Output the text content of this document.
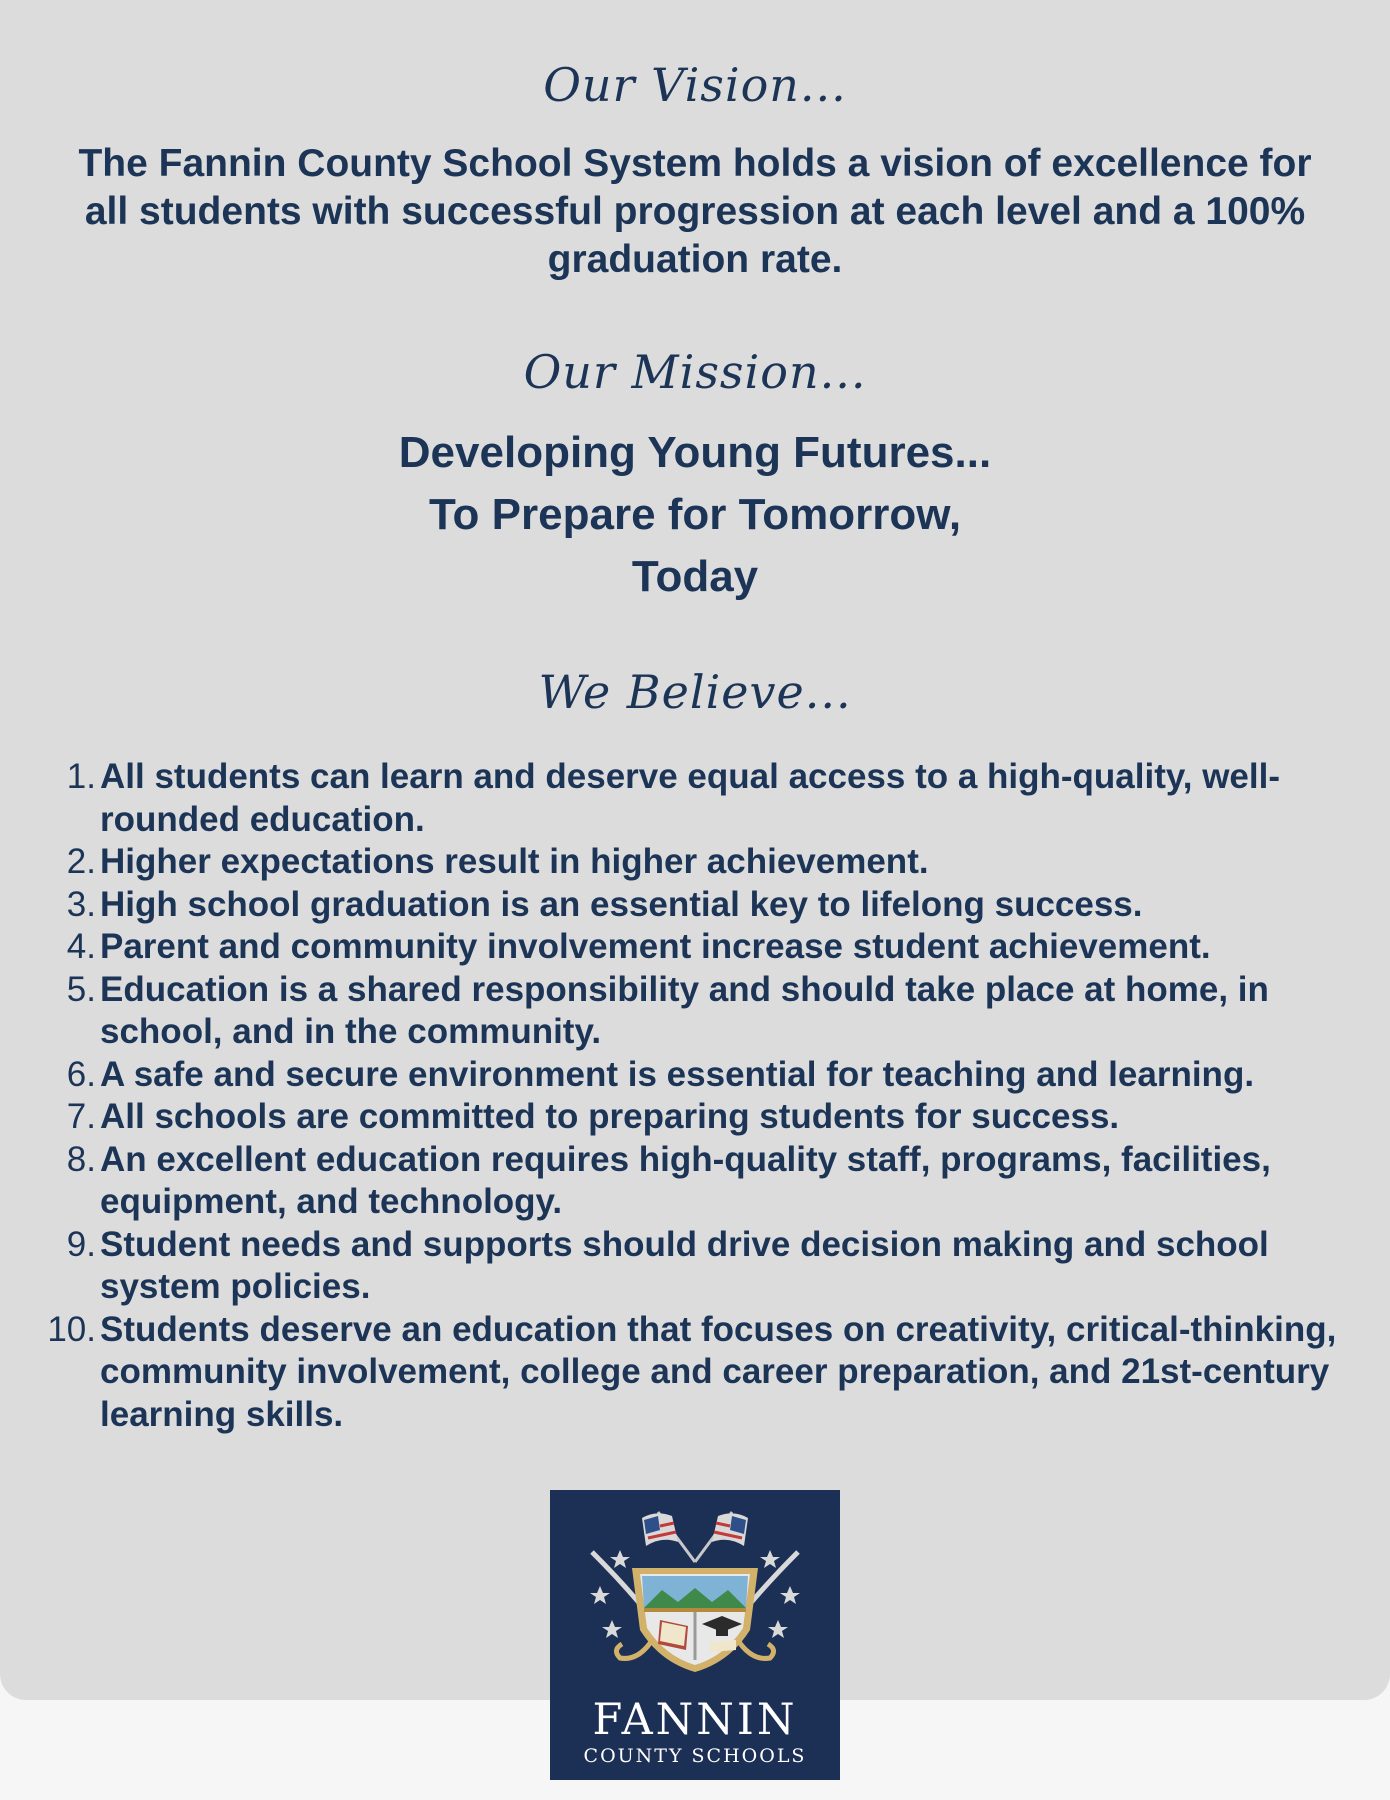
Our Vision...

The Fannin County School System holds a vision of excellence for all students with successful progression at each level and a 100% graduation rate.

Our Mission...
Developing Young Futures...
To Prepare for Tomorrow,
Today
We Believe...
1. All students can learn and deserve equal access to a high-quality, well-rounded education.
2. Higher expectations result in higher achievement.
3. High school graduation is an essential key to lifelong success.
4. Parent and community involvement increase student achievement.
5. Education is a shared responsibility and should take place at home, in school, and in the community.
6. A safe and secure environment is essential for teaching and learning.
7. All schools are committed to preparing students for success.
8. An excellent education requires high-quality staff, programs, facilities, equipment, and technology.
9. Student needs and supports should drive decision making and school system policies.
10. Students deserve an education that focuses on creativity, critical-thinking, community involvement, college and career preparation, and 21st-century learning skills.
FANNIN
COUNTY SCHOOLS
